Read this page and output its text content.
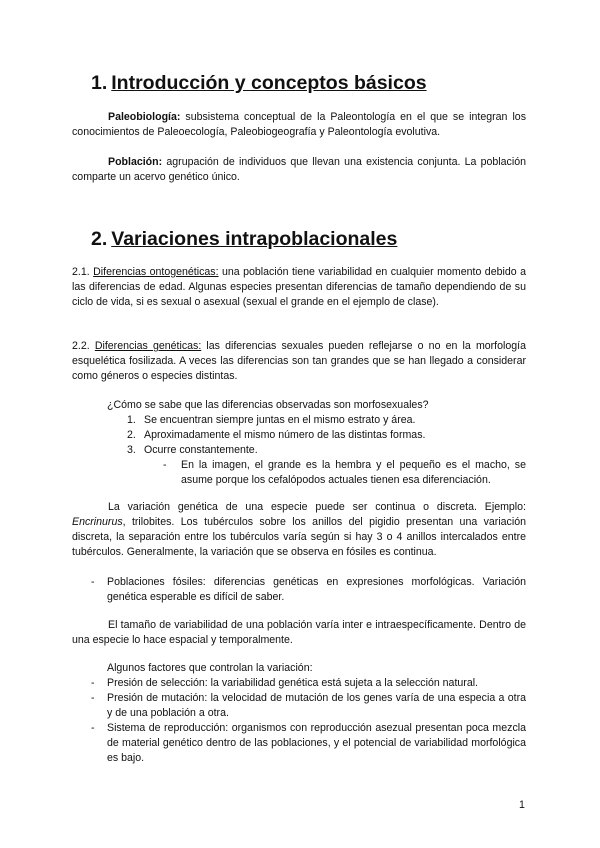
1. Introducción y conceptos básicos

Paleobiología: subsistema conceptual de la Paleontología en el que se integran los conocimientos de Paleoecología, Paleobiogeografía y Paleontología evolutiva.

Población: agrupación de individuos que llevan una existencia conjunta. La población comparte un acervo genético único.

2. Variaciones intrapoblacionales

2.1. Diferencias ontogenéticas: una población tiene variabilidad en cualquier momento debido a las diferencias de edad. Algunas especies presentan diferencias de tamaño dependiendo de su ciclo de vida, si es sexual o asexual (sexual el grande en el ejemplo de clase).

2.2. Diferencias genéticas: las diferencias sexuales pueden reflejarse o no en la morfología esquelética fosilizada. A veces las diferencias son tan grandes que se han llegado a considerar como géneros o especies distintas.

¿Cómo se sabe que las diferencias observadas son morfosexuales?

1. Se encuentran siempre juntas en el mismo estrato y área.
2. Aproximadamente el mismo número de las distintas formas.
3. Ocurre constantemente.
- En la imagen, el grande es la hembra y el pequeño es el macho, se asume porque los cefalópodos actuales tienen esa diferenciación.

La variación genética de una especie puede ser continua o discreta. Ejemplo: Encrinurus, trilobites. Los tubérculos sobre los anillos del pigidio presentan una variación discreta, la separación entre los tubérculos varía según si hay 3 o 4 anillos intercalados entre tubérculos. Generalmente, la variación que se observa en fósiles es continua.

- Poblaciones fósiles: diferencias genéticas en expresiones morfológicas. Variación genética esperable es difícil de saber.

El tamaño de variabilidad de una población varía inter e intraespecíficamente. Dentro de una especie lo hace espacial y temporalmente.

Algunos factores que controlan la variación:

- Presión de selección: la variabilidad genética está sujeta a la selección natural.

- Presión de mutación: la velocidad de mutación de los genes varía de una especia a otra y de una población a otra.

- Sistema de reproducción: organismos con reproducción asezual presentan poca mezcla de material genético dentro de las poblaciones, y el potencial de variabilidad morfológica es bajo.

1
